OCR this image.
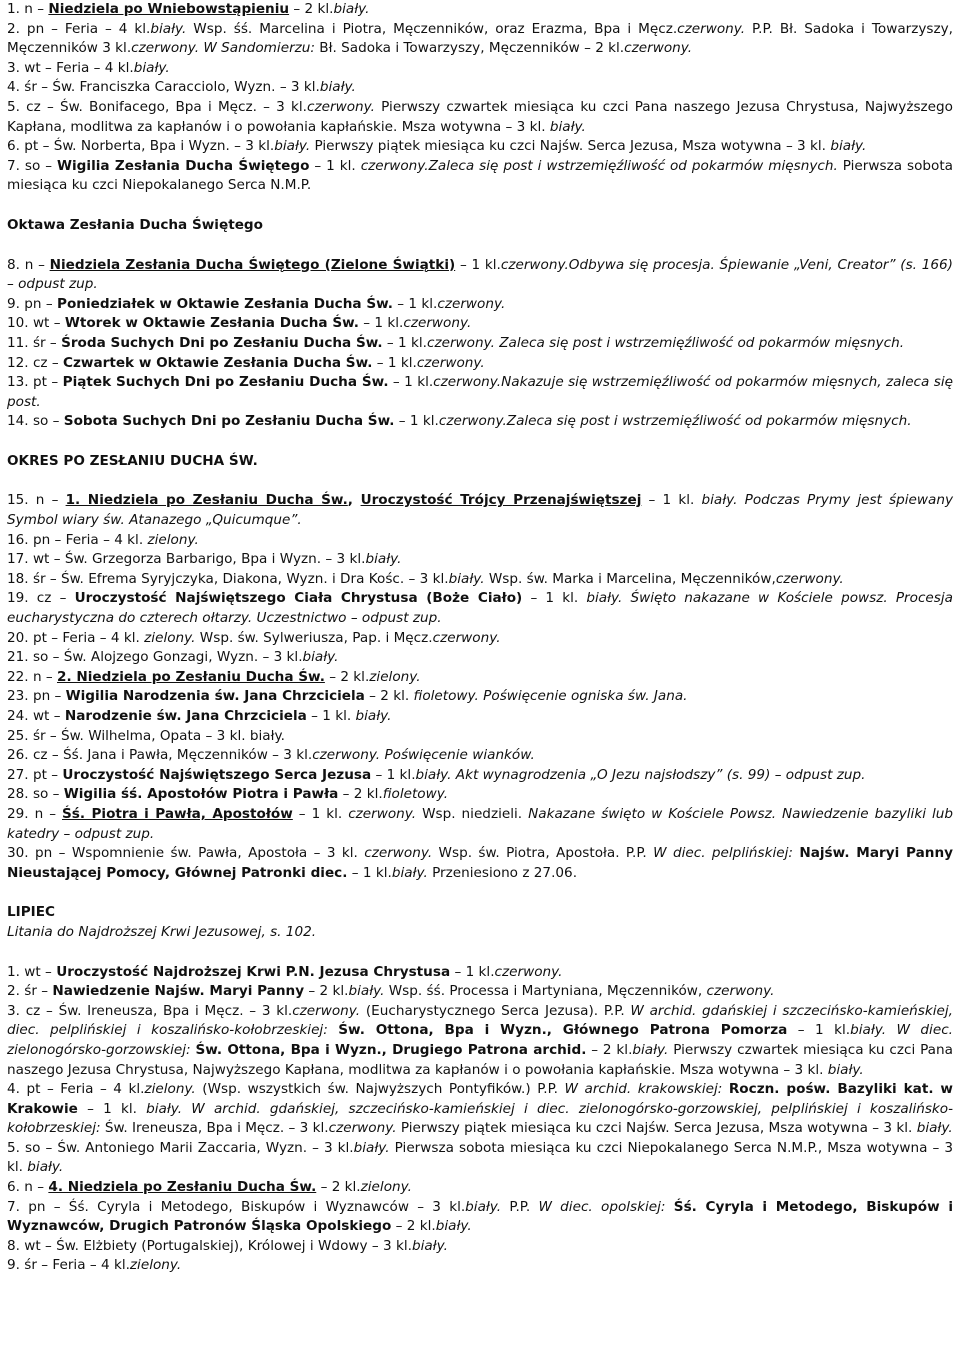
1. n – Niedziela po Wniebowstąpieniu – 2 kl.biały.

2. pn – Feria – 4 kl.biały. Wsp. śś. Marcelina i Piotra, Męczenników, oraz Erazma, Bpa i Męcz.czerwony. P.P. Bł. Sadoka i Towarzyszy, Męczenników 3 kl.czerwony. W Sandomierzu: Bł. Sadoka i Towarzyszy, Męczenników – 2 kl.czerwony.

3. wt – Feria – 4 kl.biały.

4. śr – Św. Franciszka Caracciolo, Wyzn. – 3 kl.biały.

5. cz – Św. Bonifacego, Bpa i Męcz. – 3 kl.czerwony. Pierwszy czwartek miesiąca ku czci Pana naszego Jezusa Chrystusa, Najwyższego Kapłana, modlitwa za kapłanów i o powołania kapłańskie. Msza wotywna – 3 kl. biały.

6. pt – Św. Norberta, Bpa i Wyzn. – 3 kl.biały. Pierwszy piątek miesiąca ku czci Najśw. Serca Jezusa, Msza wotywna – 3 kl. biały.

7. so – Wigilia Zesłania Ducha Świętego – 1 kl. czerwony.Zaleca się post i wstrzemięźliwość od pokarmów mięsnych. Pierwsza sobota miesiąca ku czci Niepokalanego Serca N.M.P.

Oktawa Zesłania Ducha Świętego

8. n – Niedziela Zesłania Ducha Świętego (Zielone Świątki) – 1 kl.czerwony.Odbywa się procesja. Śpiewanie „Veni, Creator” (s. 166) – odpust zup.

9. pn – Poniedziałek w Oktawie Zesłania Ducha Św. – 1 kl.czerwony.

10. wt – Wtorek w Oktawie Zesłania Ducha Św. – 1 kl.czerwony.

11. śr – Środa Suchych Dni po Zesłaniu Ducha Św. – 1 kl.czerwony. Zaleca się post i wstrzemięźliwość od pokarmów mięsnych.

12. cz – Czwartek w Oktawie Zesłania Ducha Św. – 1 kl.czerwony.

13. pt – Piątek Suchych Dni po Zesłaniu Ducha Św. – 1 kl.czerwony.Nakazuje się wstrzemięźliwość od pokarmów mięsnych, zaleca się post.

14. so – Sobota Suchych Dni po Zesłaniu Ducha Św. – 1 kl.czerwony.Zaleca się post i wstrzemięźliwość od pokarmów mięsnych.

OKRES PO ZESŁANIU DUCHA ŚW.

15. n – 1. Niedziela po Zesłaniu Ducha Św., Uroczystość Trójcy Przenajświętszej – 1 kl. biały. Podczas Prymy jest śpiewany Symbol wiary św. Atanazego „Quicumque”.

16. pn – Feria – 4 kl. zielony.

17. wt – Św. Grzegorza Barbarigo, Bpa i Wyzn. – 3 kl.biały.

18. śr – Św. Efrema Syryjczyka, Diakona, Wyzn. i Dra Kośc. – 3 kl.biały. Wsp. św. Marka i Marcelina, Męczenników,czerwony.

19. cz – Uroczystość Najświętszego Ciała Chrystusa (Boże Ciało) – 1 kl. biały. Święto nakazane w Kościele powsz. Procesja eucharystyczna do czterech ołtarzy. Uczestnictwo – odpust zup.

20. pt – Feria – 4 kl. zielony. Wsp. św. Sylweriusza, Pap. i Męcz.czerwony.

21. so – Św. Alojzego Gonzagi, Wyzn. – 3 kl.biały.

22. n – 2. Niedziela po Zesłaniu Ducha Św. – 2 kl.zielony.

23. pn – Wigilia Narodzenia św. Jana Chrzciciela – 2 kl. fioletowy. Poświęcenie ogniska św. Jana.

24. wt – Narodzenie św. Jana Chrzciciela – 1 kl. biały.

25. śr – Św. Wilhelma, Opata – 3 kl. biały.

26. cz – Śś. Jana i Pawła, Męczenników – 3 kl.czerwony. Poświęcenie wianków.

27. pt – Uroczystość Najświętszego Serca Jezusa – 1 kl.biały. Akt wynagrodzenia „O Jezu najsłodszy” (s. 99) – odpust zup.

28. so – Wigilia śś. Apostołów Piotra i Pawła – 2 kl.fioletowy.

29. n – Śś. Piotra i Pawła, Apostołów – 1 kl. czerwony. Wsp. niedzieli. Nakazane święto w Kościele Powsz. Nawiedzenie bazyliki lub katedry – odpust zup.

30. pn – Wspomnienie św. Pawła, Apostoła – 3 kl. czerwony. Wsp. św. Piotra, Apostoła. P.P. W diec. pelplińskiej: Najśw. Maryi Panny Nieustającej Pomocy, Głównej Patronki diec. – 1 kl.biały. Przeniesiono z 27.06.

LIPIEC

Litania do Najdroższej Krwi Jezusowej, s. 102.

1. wt – Uroczystość Najdroższej Krwi P.N. Jezusa Chrystusa – 1 kl.czerwony.

2. śr – Nawiedzenie Najśw. Maryi Panny – 2 kl.biały. Wsp. śś. Processa i Martyniana, Męczenników, czerwony.

3. cz – Św. Ireneusza, Bpa i Męcz. – 3 kl.czerwony. (Eucharystycznego Serca Jezusa). P.P. W archid. gdańskiej i szczecińsko-kamieńskiej, diec. pelplińskiej i koszalińsko-kołobrzeskiej: Św. Ottona, Bpa i Wyzn., Głównego Patrona Pomorza – 1 kl.biały. W diec. zielonogórsko-gorzowskiej: Św. Ottona, Bpa i Wyzn., Drugiego Patrona archid. – 2 kl.biały. Pierwszy czwartek miesiąca ku czci Pana naszego Jezusa Chrystusa, Najwyższego Kapłana, modlitwa za kapłanów i o powołania kapłańskie. Msza wotywna – 3 kl. biały.

4. pt – Feria – 4 kl.zielony. (Wsp. wszystkich św. Najwyższych Pontyfików.) P.P. W archid. krakowskiej: Roczn. pośw. Bazyliki kat. w Krakowie – 1 kl. biały. W archid. gdańskiej, szczecińsko-kamieńskiej i diec. zielonogórsko-gorzowskiej, pelplińskiej i koszalińsko-kołobrzeskiej: Św. Ireneusza, Bpa i Męcz. – 3 kl.czerwony. Pierwszy piątek miesiąca ku czci Najśw. Serca Jezusa, Msza wotywna – 3 kl. biały.

5. so – Św. Antoniego Marii Zaccaria, Wyzn. – 3 kl.biały. Pierwsza sobota miesiąca ku czci Niepokalanego Serca N.M.P., Msza wotywna – 3 kl. biały.

6. n – 4. Niedziela po Zesłaniu Ducha Św. – 2 kl.zielony.

7. pn – Śś. Cyryla i Metodego, Biskupów i Wyznawców – 3 kl.biały. P.P. W diec. opolskiej: Śś. Cyryla i Metodego, Biskupów i Wyznawców, Drugich Patronów Śląska Opolskiego – 2 kl.biały.

8. wt – Św. Elżbiety (Portugalskiej), Królowej i Wdowy – 3 kl.biały.

9. śr – Feria – 4 kl.zielony.
